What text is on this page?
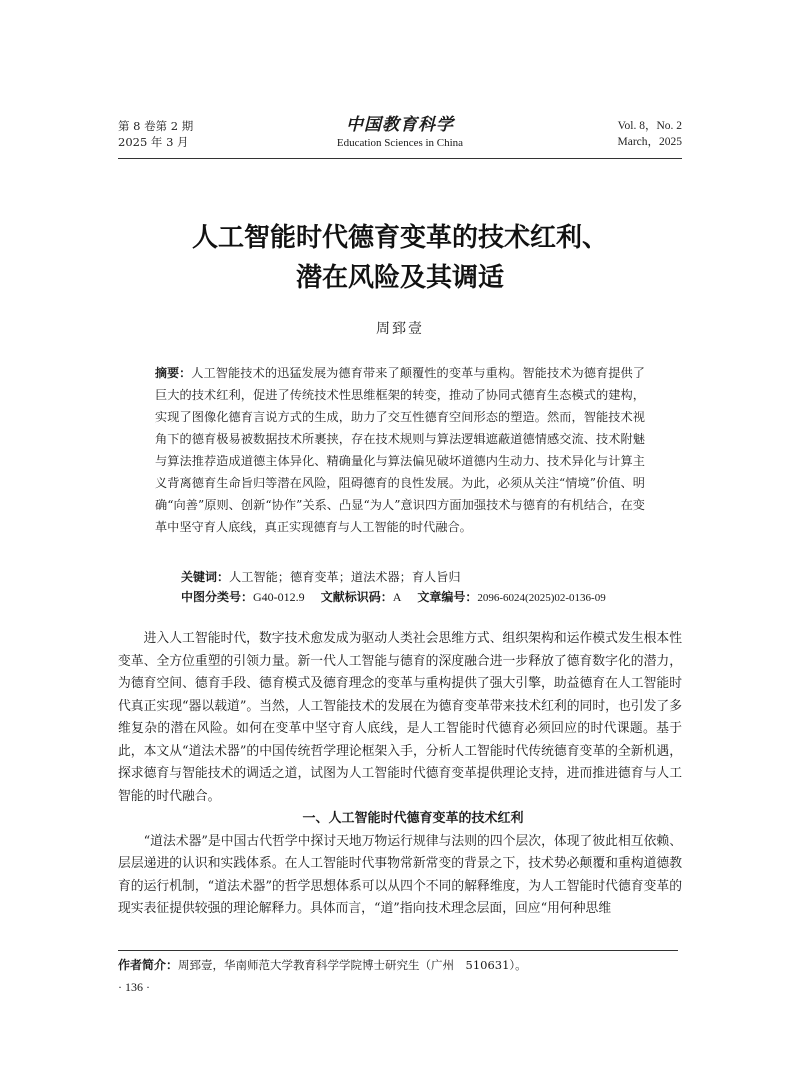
第 8 卷第 2 期
2025 年 3 月
中国教育科学
Education Sciences in China
Vol. 8，No. 2
March，2025
人工智能时代德育变革的技术红利、
潜在风险及其调适
周郅壹
摘要：人工智能技术的迅猛发展为德育带来了颠覆性的变革与重构。智能技术为德育提供了巨大的技术红利，促进了传统技术性思维框架的转变，推动了协同式德育生态模式的建构，实现了图像化德育言说方式的生成，助力了交互性德育空间形态的塑造。然而，智能技术视角下的德育极易被数据技术所裹挟，存在技术规则与算法逻辑遮蔽道德情感交流、技术附魅与算法推荐造成道德主体异化、精确量化与算法偏见破坏道德内生动力、技术异化与计算主义背离德育生命旨归等潜在风险，阻碍德育的良性发展。为此，必须从关注“情境”价值、明确“向善”原则、创新“协作”关系、凸显“为人”意识四方面加强技术与德育的有机结合，在变革中坚守育人底线，真正实现德育与人工智能的时代融合。
关键词：人工智能；德育变革；道法术器；育人旨归
中图分类号：G40-012.9 文献标识码：A 文章编号：2096-6024(2025)02-0136-09

进入人工智能时代，数字技术愈发成为驱动人类社会思维方式、组织架构和运作模式发生根本性变革、全方位重塑的引领力量。新一代人工智能与德育的深度融合进一步释放了德育数字化的潜力，为德育空间、德育手段、德育模式及德育理念的变革与重构提供了强大引擎，助益德育在人工智能时代真正实现“器以载道”。当然，人工智能技术的发展在为德育变革带来技术红利的同时，也引发了多维复杂的潜在风险。如何在变革中坚守育人底线，是人工智能时代德育必须回应的时代课题。基于此，本文从“道法术器”的中国传统哲学理论框架入手，分析人工智能时代传统德育变革的全新机遇，探求德育与智能技术的调适之道，试图为人工智能时代德育变革提供理论支持，进而推进德育与人工智能的时代融合。

一、人工智能时代德育变革的技术红利

“道法术器”是中国古代哲学中探讨天地万物运行规律与法则的四个层次，体现了彼此相互依赖、层层递进的认识和实践体系。在人工智能时代事物常新常变的背景之下，技术势必颠覆和重构道德教育的运行机制，“道法术器”的哲学思想体系可以从四个不同的解释维度，为人工智能时代德育变革的现实表征提供较强的理论解释力。具体而言，“道”指向技术理念层面，回应“用何种思维

作者简介：周郅壹，华南师范大学教育科学学院博士研究生（广州　510631）。
· 136 ·
